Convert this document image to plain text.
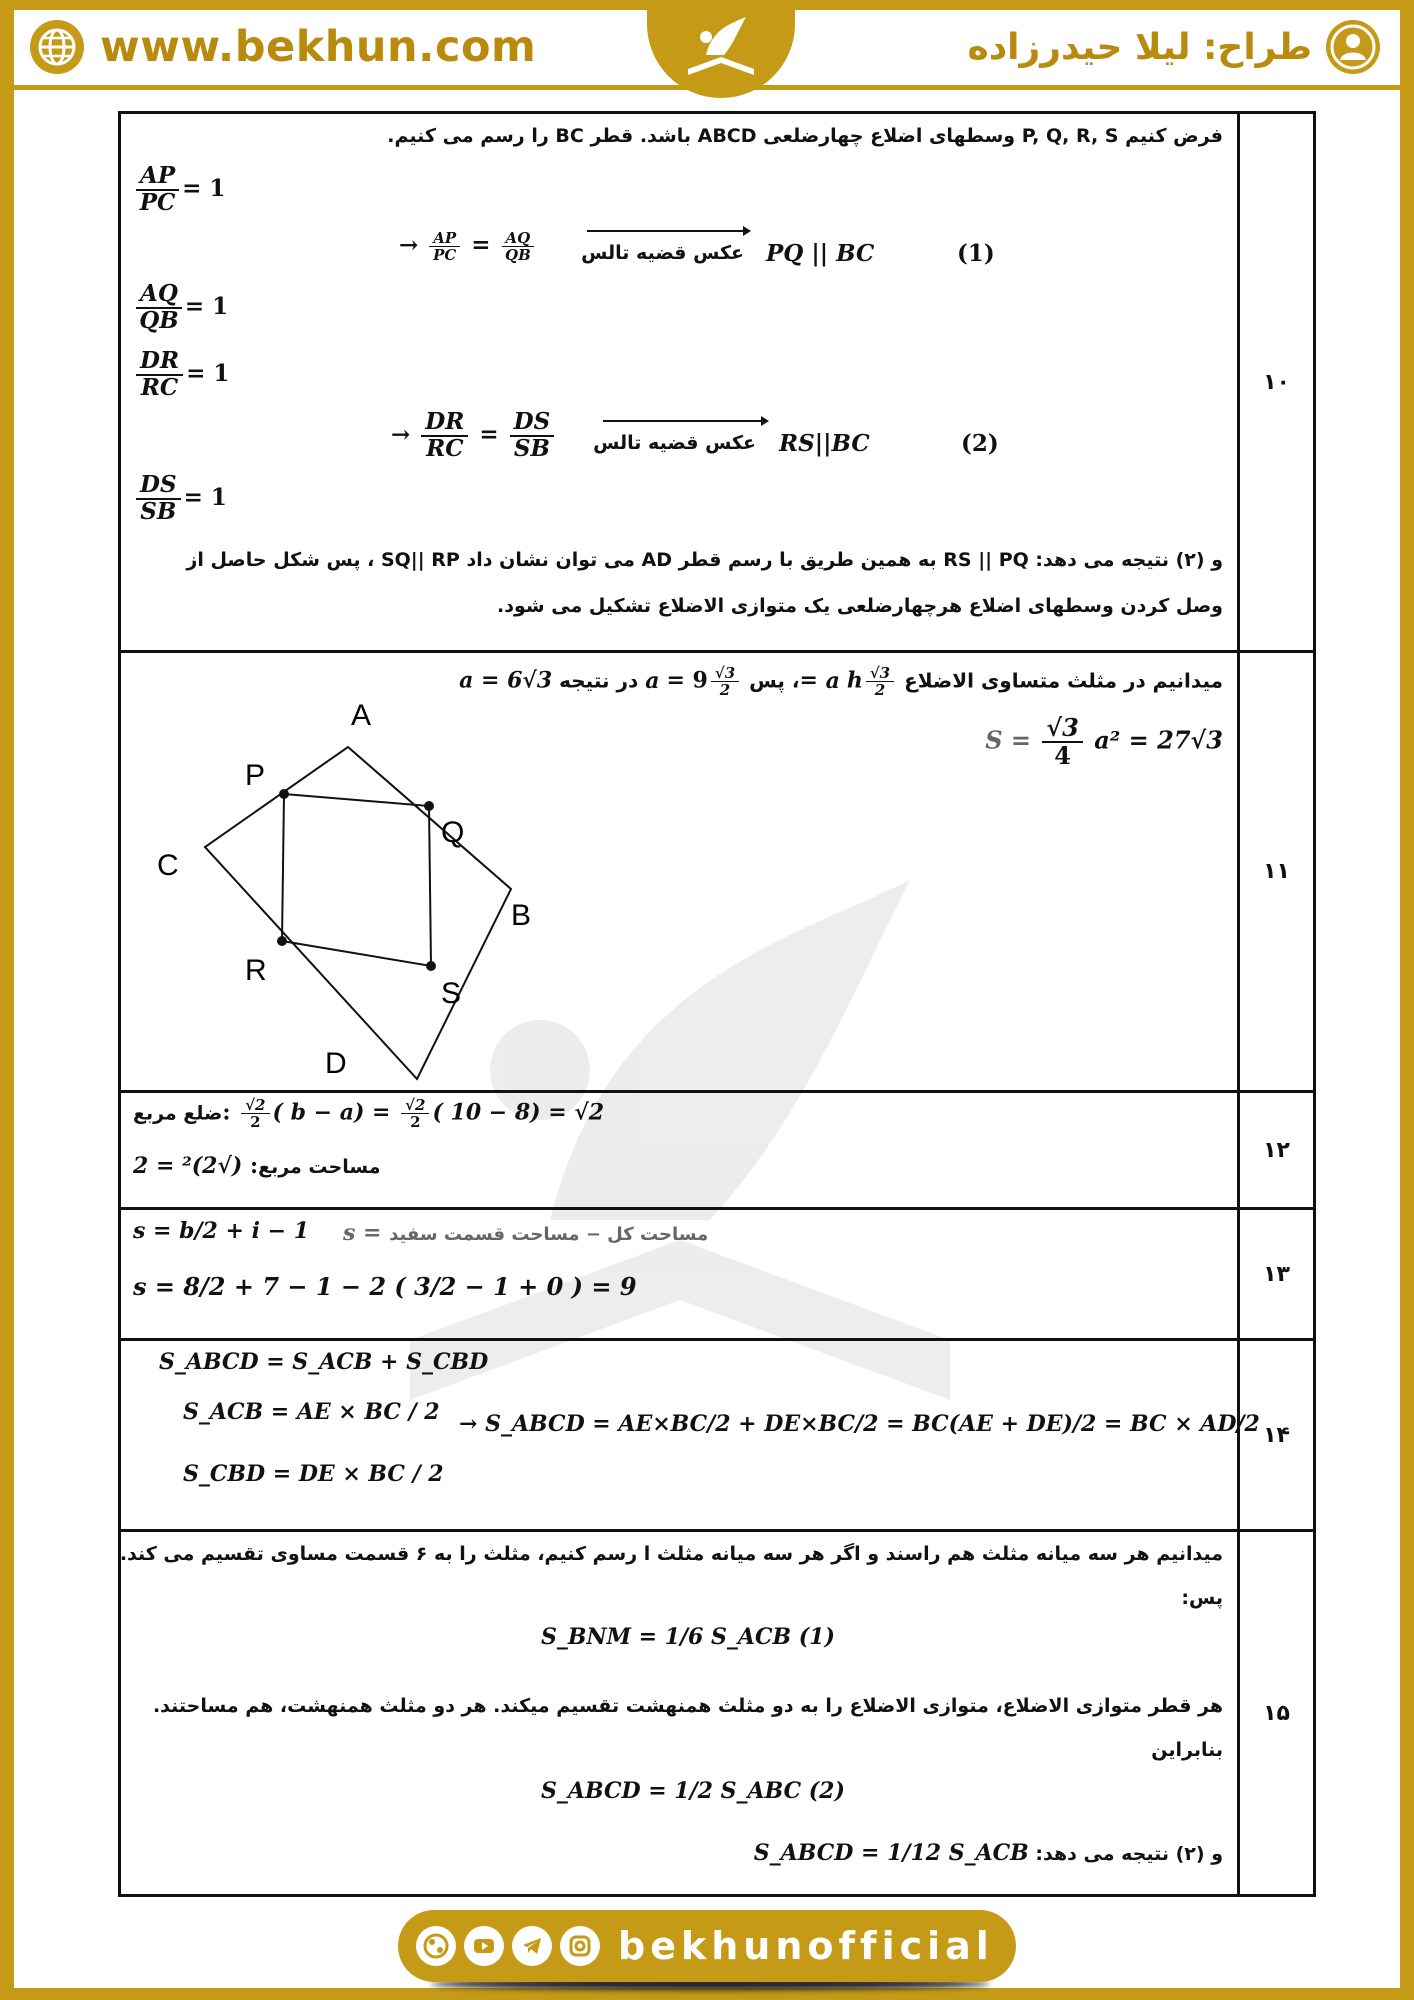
www.bekhun.com	طراح: لیلا حیدرزاده
۱۰
فرض کنیم P, Q, R, S وسطهای اضلاع چهارضلعی ABCD باشد. قطر BC را رسم می کنیم.
$\frac{AP}{PC} = 1$
$\frac{AQ}{QB} = 1$
$\frac{DR}{RC} = 1$
$\frac{DS}{SB} = 1$
→ $\frac{AP}{PC} = \frac{AQ}{QB}$ عکس قضیه تالس PQ || BC	(1)
→ $\frac{DR}{RC} = \frac{DS}{SB}$ عکس قضیه تالس RS||BC	(2)
و (۲) نتیجه می دهد: RS || PQ به همین طریق با رسم قطر AD می توان نشان داد SQ|| RP ، پس شکل حاصل از
وصل کردن وسطهای اضلاع هرچهارضلعی یک متوازی الاضلاع تشکیل می شود.
۱۱
میدانیم در مثلث متساوی الاضلاع
$\frac{√3}{2}$
a h =، پس
$\frac{√3}{2}$
a = 9 در نتیجه a = 6√3
$S = \frac{√3}{4} a^2 = 27√3$
A
B
C
D
P
Q
R
S
۱۲
ضلع مربع: $\frac{√2}{2}$ ( $b - a) = \frac{√2}{2}$ ( 10 − 8) = √2
مساحت مربع: (√2)² = 2
۱۳
s = b/2 + i − 1 s = مساحت کل − مساحت قسمت سفید
s = 8/2 + 7 − 1 − 2 ( 3/2 − 1 + 0 ) = 9
۱۴
S_ABCD = S_ACB + S_CBD
S_ACB = AE × BC / 2
S_CBD = DE × BC / 2
→ S_ABCD = AE×BC/2 + DE×BC/2 = BC(AE + DE)/2 = BC × AD/2
۱۵
میدانیم هر سه میانه مثلث هم راسند و اگر هر سه میانه مثلث ا رسم کنیم، مثلث را به ۶ قسمت مساوی تقسیم می کند.
پس:
S_BNM = 1/6 S_ACB (1)
هر قطر متوازی الاضلاع، متوازی الاضلاع را به دو مثلث همنهشت تقسیم میکند. هر دو مثلث همنهشت، هم مساحتند.
بنابراین
S_ABCD = 1/2 S_ABC (2)
و (۲) نتیجه می دهد: S_ABCD = 1/12 S_ACB
bekhunofficial
